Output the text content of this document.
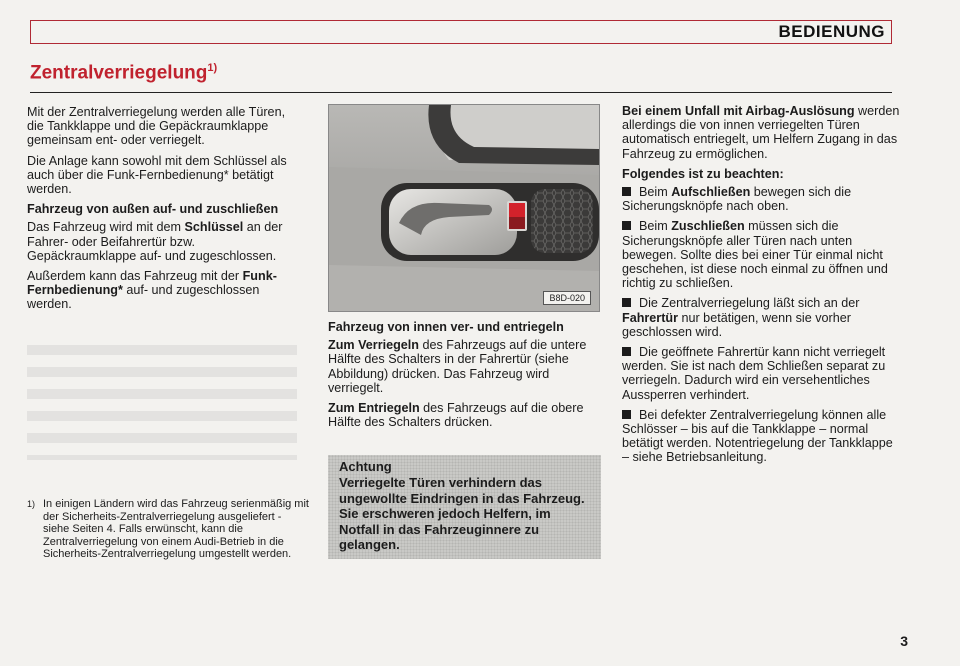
BEDIENUNG
Zentralverriegelung$^{1)}$

Mit der Zentralverriegelung werden alle Türen, die Tankklappe und die Gepäckraumklappe gemeinsam ent- oder verriegelt.

Die Anlage kann sowohl mit dem Schlüssel als auch über die Funk-Fernbedienung* betätigt werden.

Fahrzeug von außen auf- und zuschließen

Das Fahrzeug wird mit dem Schlüssel an der Fahrer- oder Beifahrertür bzw. Gepäckraumklappe auf- und zugeschlossen.

Außerdem kann das Fahrzeug mit der Funk-Fernbedienung* auf- und zugeschlossen werden.	B8D-020

Fahrzeug von innen ver- und entriegeln

Zum Verriegeln des Fahrzeugs auf die untere Hälfte des Schalters in der Fahrertür (siehe Abbildung) drücken. Das Fahrzeug wird verriegelt.

Zum Entriegeln des Fahrzeugs auf die obere Hälfte des Schalters drücken.

Achtung
Verriegelte Türen verhindern das ungewollte Eindringen in das Fahrzeug. Sie erschweren jedoch Helfern, im Notfall in das Fahrzeuginnere zu gelangen.

Bei einem Unfall mit Airbag-Auslösung werden allerdings die von innen verriegelten Türen automatisch entriegelt, um Helfern Zugang in das Fahrzeug zu ermöglichen.

Folgendes ist zu beachten:

Beim Aufschließen bewegen sich die Sicherungsknöpfe nach oben.

Beim Zuschließen müssen sich die Sicherungsknöpfe aller Türen nach unten bewegen. Sollte dies bei einer Tür einmal nicht geschehen, ist diese noch einmal zu öffnen und richtig zu schließen.

Die Zentralverriegelung läßt sich an der Fahrertür nur betätigen, wenn sie vorher geschlossen wird.

Die geöffnete Fahrertür kann nicht verriegelt werden. Sie ist nach dem Schließen separat zu verriegeln. Dadurch wird ein versehentliches Aussperren verhindert.

Bei defekter Zentralverriegelung können alle Schlösser – bis auf die Tankklappe – normal betätigt werden. Notentriegelung der Tankklappe – siehe Betriebsanleitung.

1) In einigen Ländern wird das Fahrzeug serienmäßig mit der Sicherheits-Zentralverriegelung ausgeliefert - siehe Seiten 4. Falls erwünscht, kann die Zentralverriegelung von einem Audi-Betrieb in die Sicherheits-Zentralverriegelung umgestellt werden.
3
